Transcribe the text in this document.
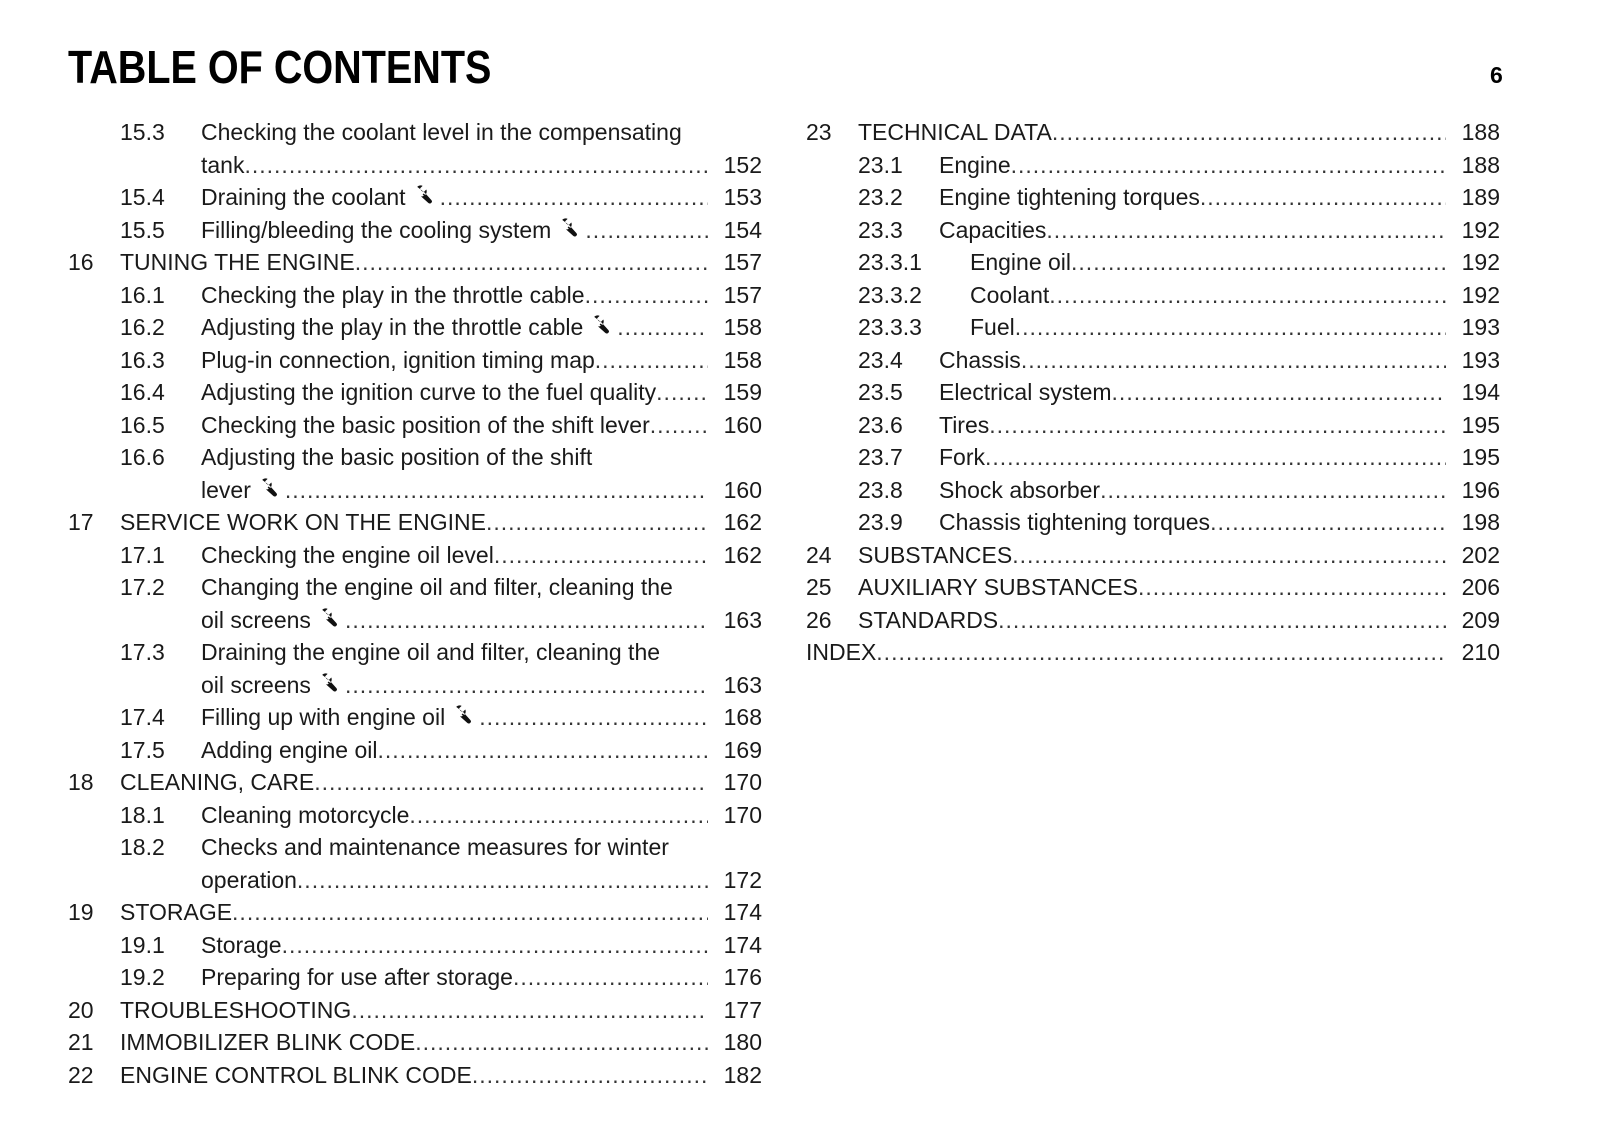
TABLE OF CONTENTS	6
15.3	Checking the coolant level in the compensating
tank .....	152
15.4	Draining the coolant .....	153
15.5	Filling/bleeding the cooling system .....	154
16	TUNING THE ENGINE .....	157
16.1	Checking the play in the throttle cable .....	157
16.2	Adjusting the play in the throttle cable .....	158
16.3	Plug-in connection, ignition timing map .....	158
16.4	Adjusting the ignition curve to the fuel quality .....	159
16.5	Checking the basic position of the shift lever .....	160
16.6	Adjusting the basic position of the shift
lever .....	160
17	SERVICE WORK ON THE ENGINE .....	162
17.1	Checking the engine oil level .....	162
17.2	Changing the engine oil and filter, cleaning the
oil screens .....	163
17.3	Draining the engine oil and filter, cleaning the
oil screens .....	163
17.4	Filling up with engine oil .....	168
17.5	Adding engine oil .....	169
18	CLEANING, CARE .....	170
18.1	Cleaning motorcycle .....	170
18.2	Checks and maintenance measures for winter
operation .....	172
19	STORAGE .....	174
19.1	Storage .....	174
19.2	Preparing for use after storage .....	176
20	TROUBLESHOOTING .....	177
21	IMMOBILIZER BLINK CODE .....	180
22	ENGINE CONTROL BLINK CODE .....	182
23	TECHNICAL DATA .....	188
23.1	Engine .....	188
23.2	Engine tightening torques .....	189
23.3	Capacities .....	192
23.3.1	Engine oil .....	192
23.3.2	Coolant .....	192
23.3.3	Fuel .....	193
23.4	Chassis .....	193
23.5	Electrical system .....	194
23.6	Tires .....	195
23.7	Fork .....	195
23.8	Shock absorber .....	196
23.9	Chassis tightening torques .....	198
24	SUBSTANCES .....	202
25	AUXILIARY SUBSTANCES .....	206
26	STANDARDS .....	209
INDEX .....	210
